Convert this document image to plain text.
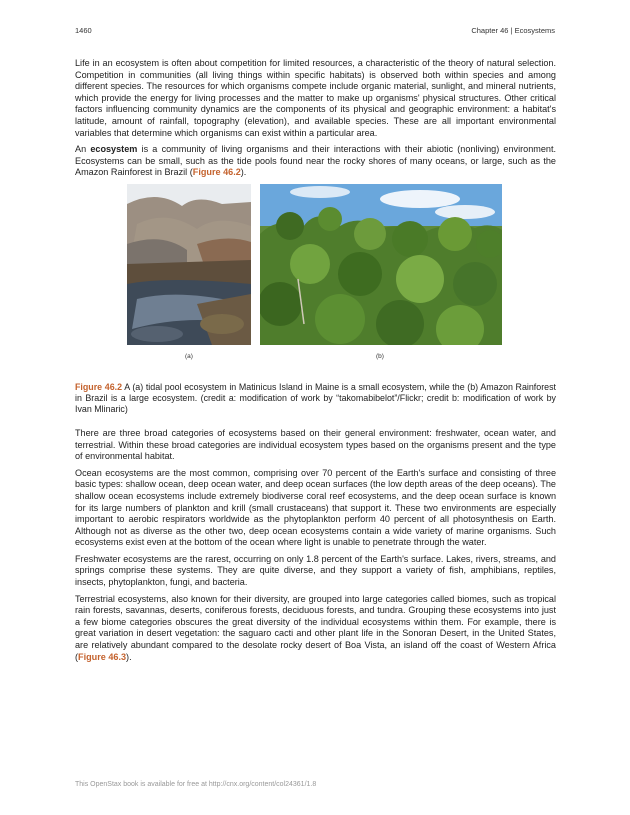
1460	Chapter 46 | Ecosystems

Life in an ecosystem is often about competition for limited resources, a characteristic of the theory of natural selection. Competition in communities (all living things within specific habitats) is observed both within species and among different species. The resources for which organisms compete include organic material, sunlight, and mineral nutrients, which provide the energy for living processes and the matter to make up organisms' physical structures. Other critical factors influencing community dynamics are the components of its physical and geographic environment: a habitat's latitude, amount of rainfall, topography (elevation), and available species. These are all important environmental variables that determine which organisms can exist within a particular area.

An ecosystem is a community of living organisms and their interactions with their abiotic (nonliving) environment. Ecosystems can be small, such as the tide pools found near the rocky shores of many oceans, or large, such as the Amazon Rainforest in Brazil (Figure 46.2).

(a)	(b)

Figure 46.2 A (a) tidal pool ecosystem in Matinicus Island in Maine is a small ecosystem, while the (b) Amazon Rainforest in Brazil is a large ecosystem. (credit a: modification of work by “takomabibelot”/Flickr; credit b: modification of work by Ivan Mlinaric)

There are three broad categories of ecosystems based on their general environment: freshwater, ocean water, and terrestrial. Within these broad categories are individual ecosystem types based on the organisms present and the type of environmental habitat.

Ocean ecosystems are the most common, comprising over 70 percent of the Earth's surface and consisting of three basic types: shallow ocean, deep ocean water, and deep ocean surfaces (the low depth areas of the deep oceans). The shallow ocean ecosystems include extremely biodiverse coral reef ecosystems, and the deep ocean surface is known for its large numbers of plankton and krill (small crustaceans) that support it. These two environments are especially important to aerobic respirators worldwide as the phytoplankton perform 40 percent of all photosynthesis on Earth. Although not as diverse as the other two, deep ocean ecosystems contain a wide variety of marine organisms. Such ecosystems exist even at the bottom of the ocean where light is unable to penetrate through the water.

Freshwater ecosystems are the rarest, occurring on only 1.8 percent of the Earth's surface. Lakes, rivers, streams, and springs comprise these systems. They are quite diverse, and they support a variety of fish, amphibians, reptiles, insects, phytoplankton, fungi, and bacteria.

Terrestrial ecosystems, also known for their diversity, are grouped into large categories called biomes, such as tropical rain forests, savannas, deserts, coniferous forests, deciduous forests, and tundra. Grouping these ecosystems into just a few biome categories obscures the great diversity of the individual ecosystems within them. For example, there is great variation in desert vegetation: the saguaro cacti and other plant life in the Sonoran Desert, in the United States, are relatively abundant compared to the desolate rocky desert of Boa Vista, an island off the coast of Western Africa (Figure 46.3).

This OpenStax book is available for free at http://cnx.org/content/col24361/1.8
